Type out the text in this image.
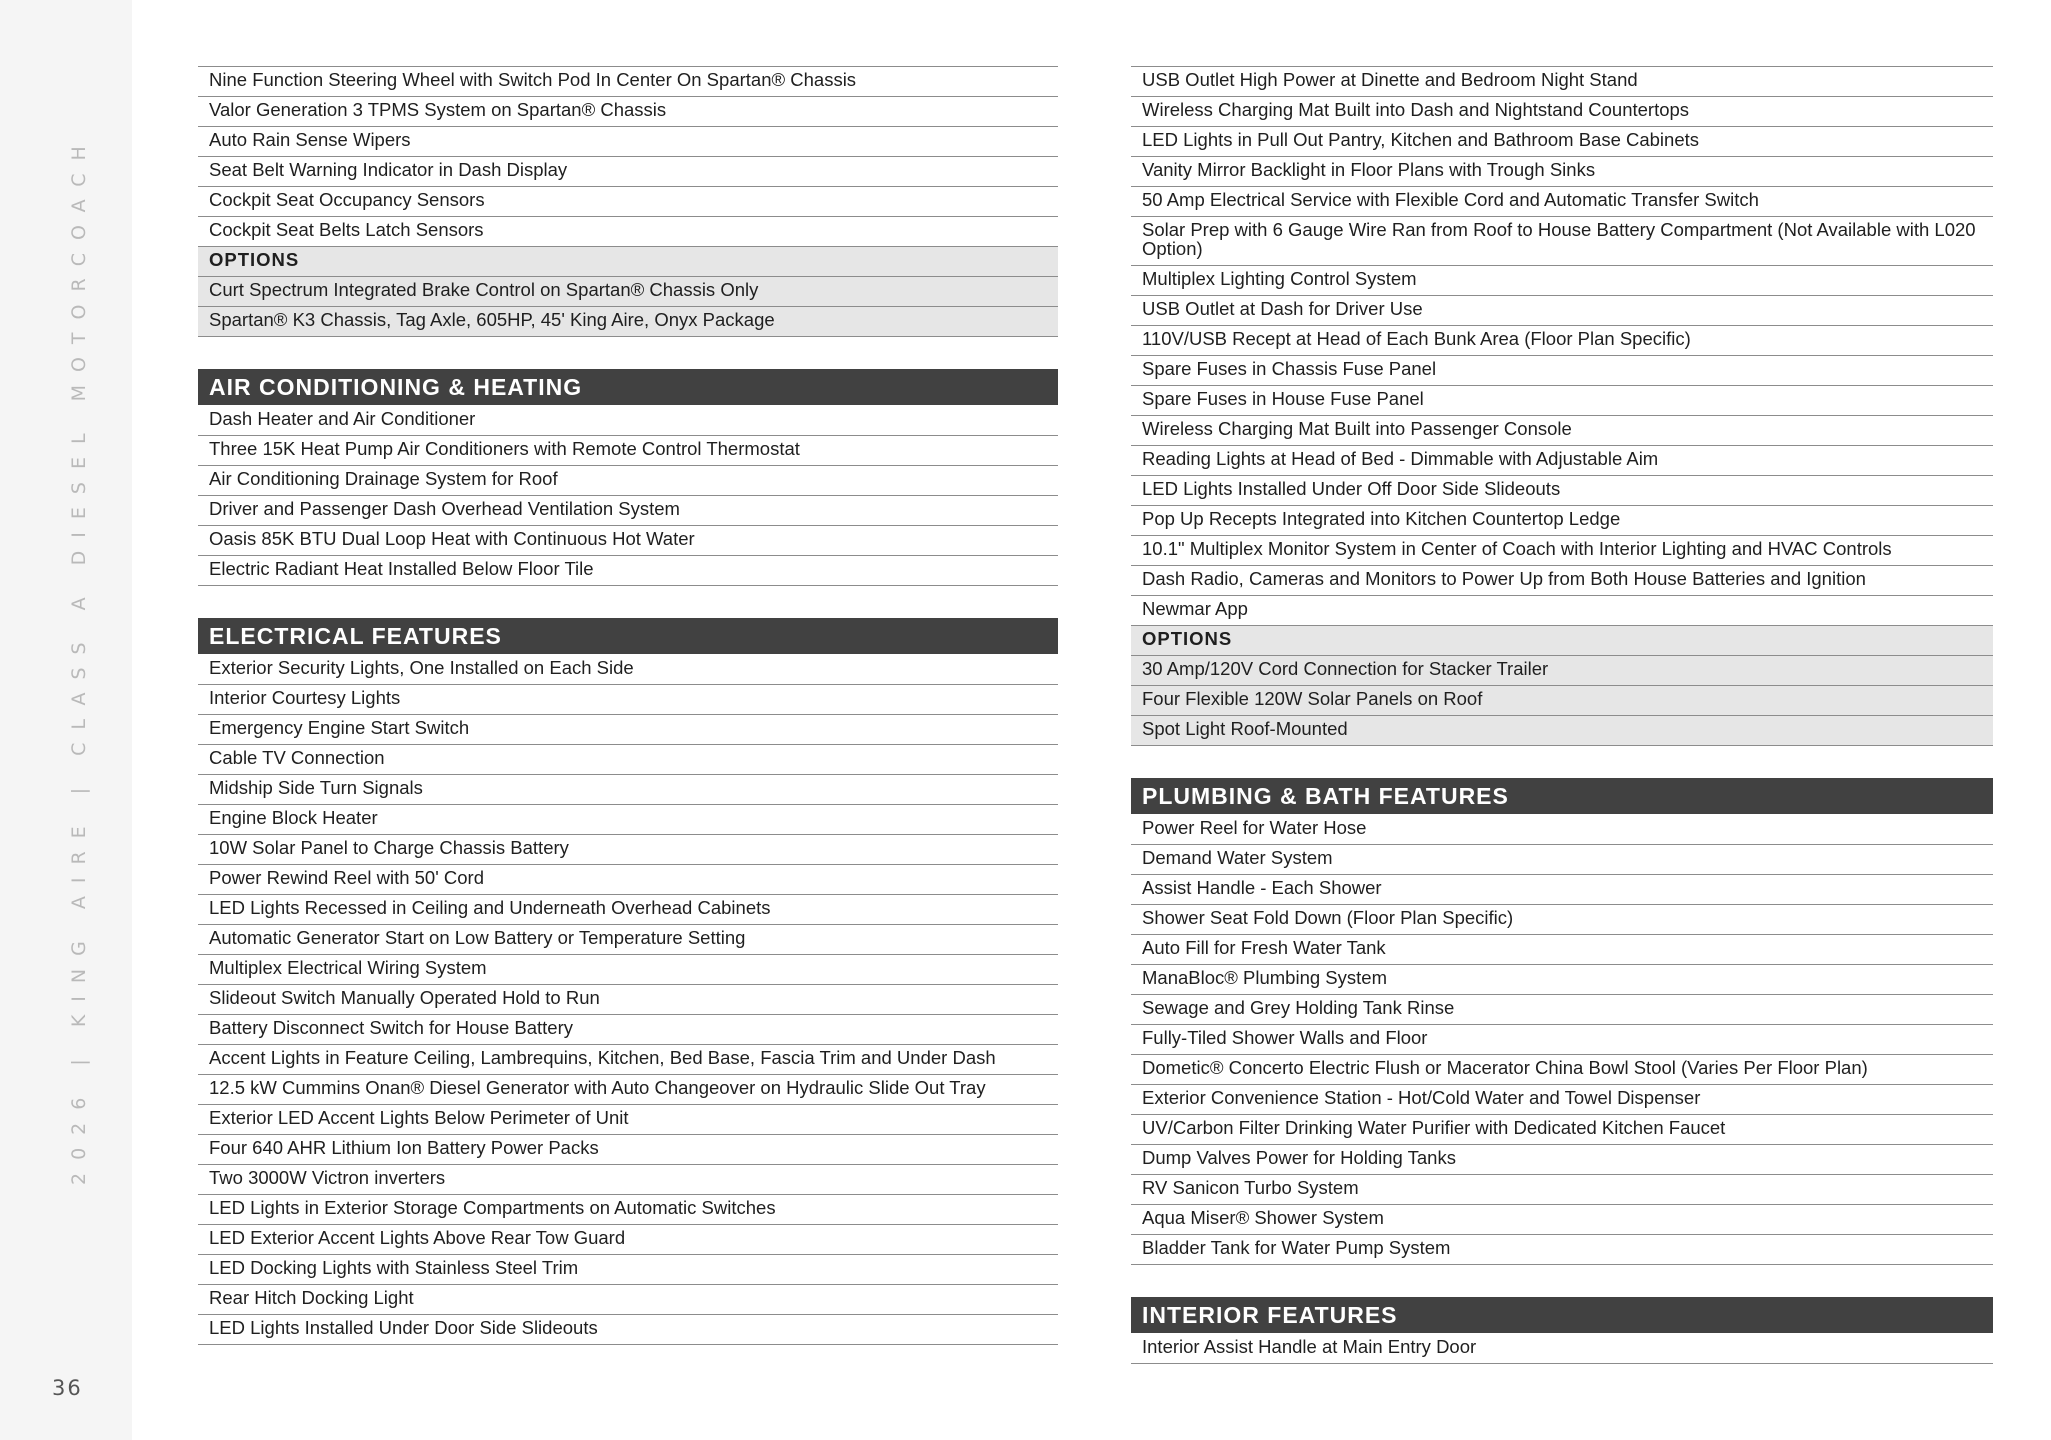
2026 | KING AIRE | CLASS A DIESEL MOTORCOACH
36
Nine Function Steering Wheel with Switch Pod In Center On Spartan® Chassis
Valor Generation 3 TPMS System on Spartan® Chassis
Auto Rain Sense Wipers
Seat Belt Warning Indicator in Dash Display
Cockpit Seat Occupancy Sensors
Cockpit Seat Belts Latch Sensors
OPTIONS
Curt Spectrum Integrated Brake Control on Spartan® Chassis Only
Spartan® K3 Chassis, Tag Axle, 605HP, 45' King Aire, Onyx Package
AIR CONDITIONING & HEATING
Dash Heater and Air Conditioner
Three 15K Heat Pump Air Conditioners with Remote Control Thermostat
Air Conditioning Drainage System for Roof
Driver and Passenger Dash Overhead Ventilation System
Oasis 85K BTU Dual Loop Heat with Continuous Hot Water
Electric Radiant Heat Installed Below Floor Tile
ELECTRICAL FEATURES
Exterior Security Lights, One Installed on Each Side
Interior Courtesy Lights
Emergency Engine Start Switch
Cable TV Connection
Midship Side Turn Signals
Engine Block Heater
10W Solar Panel to Charge Chassis Battery
Power Rewind Reel with 50' Cord
LED Lights Recessed in Ceiling and Underneath Overhead Cabinets
Automatic Generator Start on Low Battery or Temperature Setting
Multiplex Electrical Wiring System
Slideout Switch Manually Operated Hold to Run
Battery Disconnect Switch for House Battery
Accent Lights in Feature Ceiling, Lambrequins, Kitchen, Bed Base, Fascia Trim and Under Dash
12.5 kW Cummins Onan® Diesel Generator with Auto Changeover on Hydraulic Slide Out Tray
Exterior LED Accent Lights Below Perimeter of Unit
Four 640 AHR Lithium Ion Battery Power Packs
Two 3000W Victron inverters
LED Lights in Exterior Storage Compartments on Automatic Switches
LED Exterior Accent Lights Above Rear Tow Guard
LED Docking Lights with Stainless Steel Trim
Rear Hitch Docking Light
LED Lights Installed Under Door Side Slideouts
USB Outlet High Power at Dinette and Bedroom Night Stand
Wireless Charging Mat Built into Dash and Nightstand Countertops
LED Lights in Pull Out Pantry, Kitchen and Bathroom Base Cabinets
Vanity Mirror Backlight in Floor Plans with Trough Sinks
50 Amp Electrical Service with Flexible Cord and Automatic Transfer Switch
Solar Prep with 6 Gauge Wire Ran from Roof to House Battery Compartment (Not Available with L020 Option)
Multiplex Lighting Control System
USB Outlet at Dash for Driver Use
110V/USB Recept at Head of Each Bunk Area (Floor Plan Specific)
Spare Fuses in Chassis Fuse Panel
Spare Fuses in House Fuse Panel
Wireless Charging Mat Built into Passenger Console
Reading Lights at Head of Bed - Dimmable with Adjustable Aim
LED Lights Installed Under Off Door Side Slideouts
Pop Up Recepts Integrated into Kitchen Countertop Ledge
10.1" Multiplex Monitor System in Center of Coach with Interior Lighting and HVAC Controls
Dash Radio, Cameras and Monitors to Power Up from Both House Batteries and Ignition
Newmar App
OPTIONS
30 Amp/120V Cord Connection for Stacker Trailer
Four Flexible 120W Solar Panels on Roof
Spot Light Roof-Mounted
PLUMBING & BATH FEATURES
Power Reel for Water Hose
Demand Water System
Assist Handle - Each Shower
Shower Seat Fold Down (Floor Plan Specific)
Auto Fill for Fresh Water Tank
ManaBloc® Plumbing System
Sewage and Grey Holding Tank Rinse
Fully-Tiled Shower Walls and Floor
Dometic® Concerto Electric Flush or Macerator China Bowl Stool (Varies Per Floor Plan)
Exterior Convenience Station - Hot/Cold Water and Towel Dispenser
UV/Carbon Filter Drinking Water Purifier with Dedicated Kitchen Faucet
Dump Valves Power for Holding Tanks
RV Sanicon Turbo System
Aqua Miser® Shower System
Bladder Tank for Water Pump System
INTERIOR FEATURES
Interior Assist Handle at Main Entry Door
